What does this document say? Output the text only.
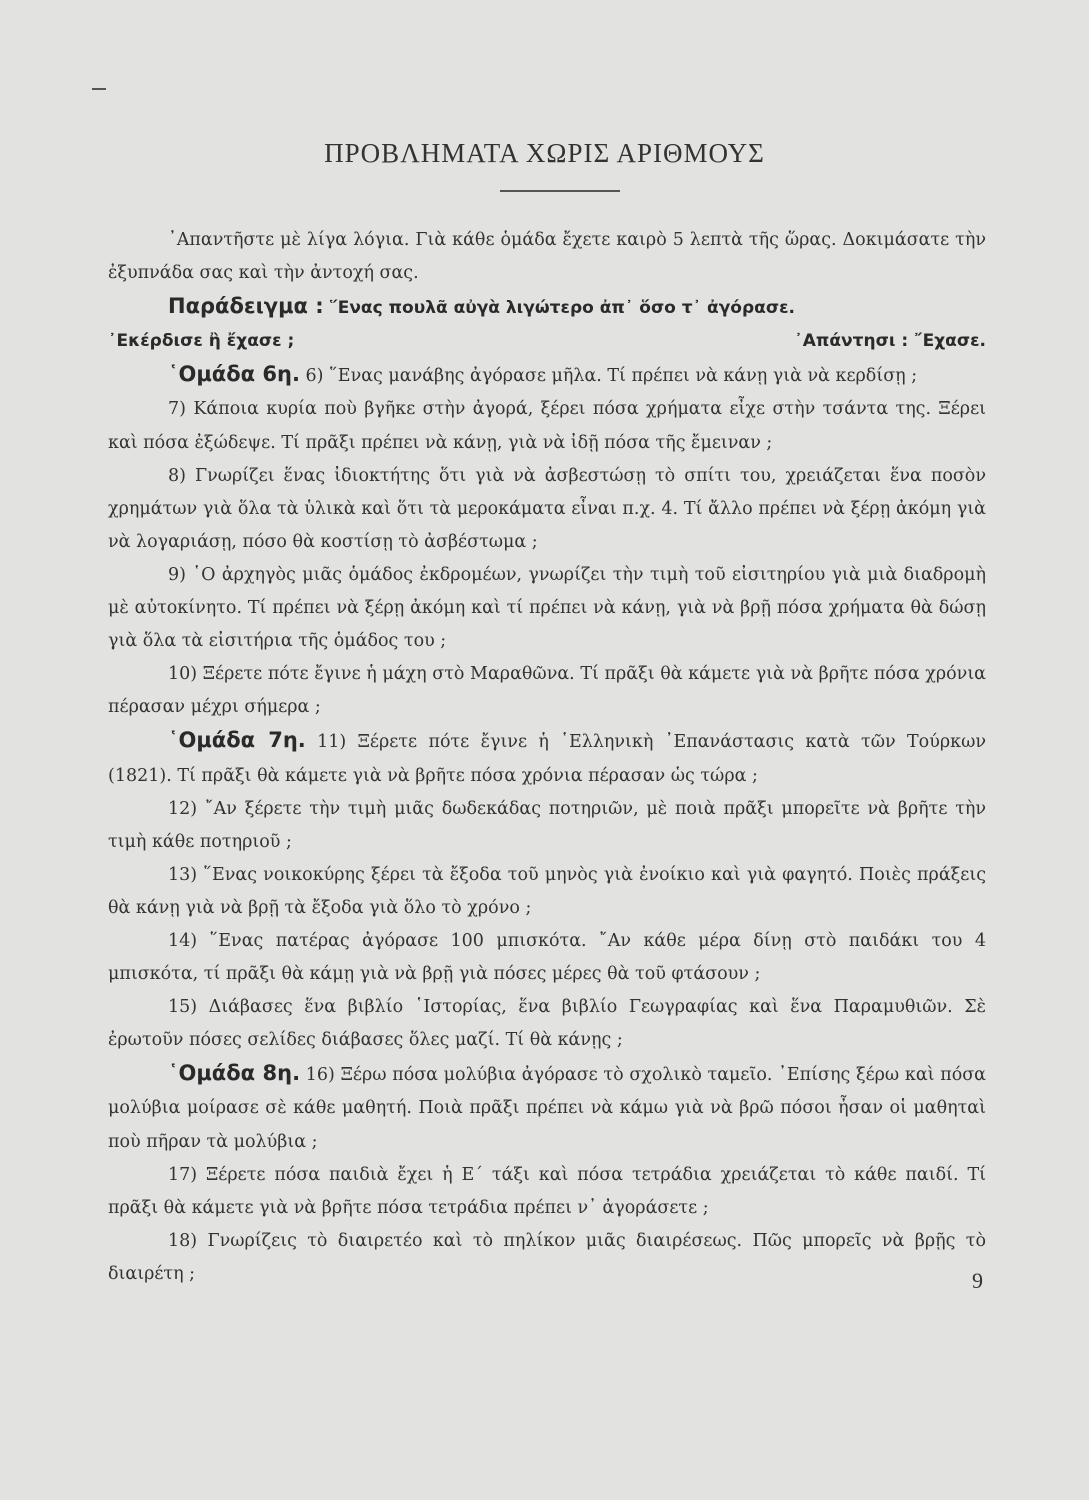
ΠΡΟΒΛΗΜΑΤΑ ΧΩΡΙΣ ΑΡΙΘΜΟΥΣ

᾿Απαντῆστε μὲ λίγα λόγια. Γιὰ κάθε ὁμάδα ἔχετε καιρὸ 5 λεπτὰ τῆς ὥρας. Δοκιμάσατε τὴν ἐξυπνάδα σας καὶ τὴν ἀντοχή σας.

Παράδειγμα : ῞Ενας πουλᾶ αὐγὰ λιγώτερο ἀπ᾿ ὅσο τ᾿ ἀγόρασε.

᾿Εκέρδισε ἢ ἔχασε ;	᾿Απάντησι : ῎Εχασε.

῾Ομάδα 6η. 6) ῞Ενας μανάβης ἀγόρασε μῆλα. Τί πρέπει νὰ κάνῃ γιὰ νὰ κερδίσῃ ;

7) Κάποια κυρία ποὺ βγῆκε στὴν ἀγορά, ξέρει πόσα χρήματα εἶχε στὴν τσάντα της. Ξέρει καὶ πόσα ἐξώδεψε. Τί πρᾶξι πρέπει νὰ κάνῃ, γιὰ νὰ ἰδῇ πόσα τῆς ἔμειναν ;

8) Γνωρίζει ἕνας ἰδιοκτήτης ὅτι γιὰ νὰ ἀσβεστώσῃ τὸ σπίτι του, χρειάζεται ἕνα ποσὸν χρημάτων γιὰ ὅλα τὰ ὑλικὰ καὶ ὅτι τὰ μεροκάματα εἶναι π.χ. 4. Τί ἄλλο πρέπει νὰ ξέρῃ ἀκόμη γιὰ νὰ λογαριάσῃ, πόσο θὰ κοστίσῃ τὸ ἀσβέστωμα ;

9) ῾Ο ἀρχηγὸς μιᾶς ὁμάδος ἐκδρομέων, γνωρίζει τὴν τιμὴ τοῦ εἰσιτηρίου γιὰ μιὰ διαδρομὴ μὲ αὐτοκίνητο. Τί πρέπει νὰ ξέρῃ ἀκόμη καὶ τί πρέπει νὰ κάνῃ, γιὰ νὰ βρῇ πόσα χρήματα θὰ δώσῃ γιὰ ὅλα τὰ εἰσιτήρια τῆς ὁμάδος του ;

10) Ξέρετε πότε ἔγινε ἡ μάχη στὸ Μαραθῶνα. Τί πρᾶξι θὰ κάμετε γιὰ νὰ βρῆτε πόσα χρόνια πέρασαν μέχρι σήμερα ;

῾Ομάδα 7η. 11) Ξέρετε πότε ἔγινε ἡ ῾Ελληνικὴ ᾿Επανάστασις κατὰ τῶν Τούρκων (1821). Τί πρᾶξι θὰ κάμετε γιὰ νὰ βρῆτε πόσα χρόνια πέρασαν ὡς τώρα ;

12) ῎Αν ξέρετε τὴν τιμὴ μιᾶς δωδεκάδας ποτηριῶν, μὲ ποιὰ πρᾶξι μπορεῖτε νὰ βρῆτε τὴν τιμὴ κάθε ποτηριοῦ ;

13) ῞Ενας νοικοκύρης ξέρει τὰ ἔξοδα τοῦ μηνὸς γιὰ ἐνοίκιο καὶ γιὰ φαγητό. Ποιὲς πράξεις θὰ κάνῃ γιὰ νὰ βρῇ τὰ ἔξοδα γιὰ ὅλο τὸ χρόνο ;

14) ῞Ενας πατέρας ἀγόρασε 100 μπισκότα. ῎Αν κάθε μέρα δίνῃ στὸ παιδάκι του 4 μπισκότα, τί πρᾶξι θὰ κάμῃ γιὰ νὰ βρῇ γιὰ πόσες μέρες θὰ τοῦ φτάσουν ;

15) Διάβασες ἕνα βιβλίο ῾Ιστορίας, ἕνα βιβλίο Γεωγραφίας καὶ ἕνα Παραμυθιῶν. Σὲ ἐρωτοῦν πόσες σελίδες διάβασες ὅλες μαζί. Τί θὰ κάνῃς ;

῾Ομάδα 8η. 16) Ξέρω πόσα μολύβια ἀγόρασε τὸ σχολικὸ ταμεῖο. ᾿Επίσης ξέρω καὶ πόσα μολύβια μοίρασε σὲ κάθε μαθητή. Ποιὰ πρᾶξι πρέπει νὰ κάμω γιὰ νὰ βρῶ πόσοι ἦσαν οἱ μαθηταὶ ποὺ πῆραν τὰ μολύβια ;

17) Ξέρετε πόσα παιδιὰ ἔχει ἡ Ε΄ τάξι καὶ πόσα τετράδια χρειάζεται τὸ κάθε παιδί. Τί πρᾶξι θὰ κάμετε γιὰ νὰ βρῆτε πόσα τετράδια πρέπει ν᾿ ἀγοράσετε ;

18) Γνωρίζεις τὸ διαιρετέο καὶ τὸ πηλίκον μιᾶς διαιρέσεως. Πῶς μπορεῖς νὰ βρῇς τὸ διαιρέτη ;	9
